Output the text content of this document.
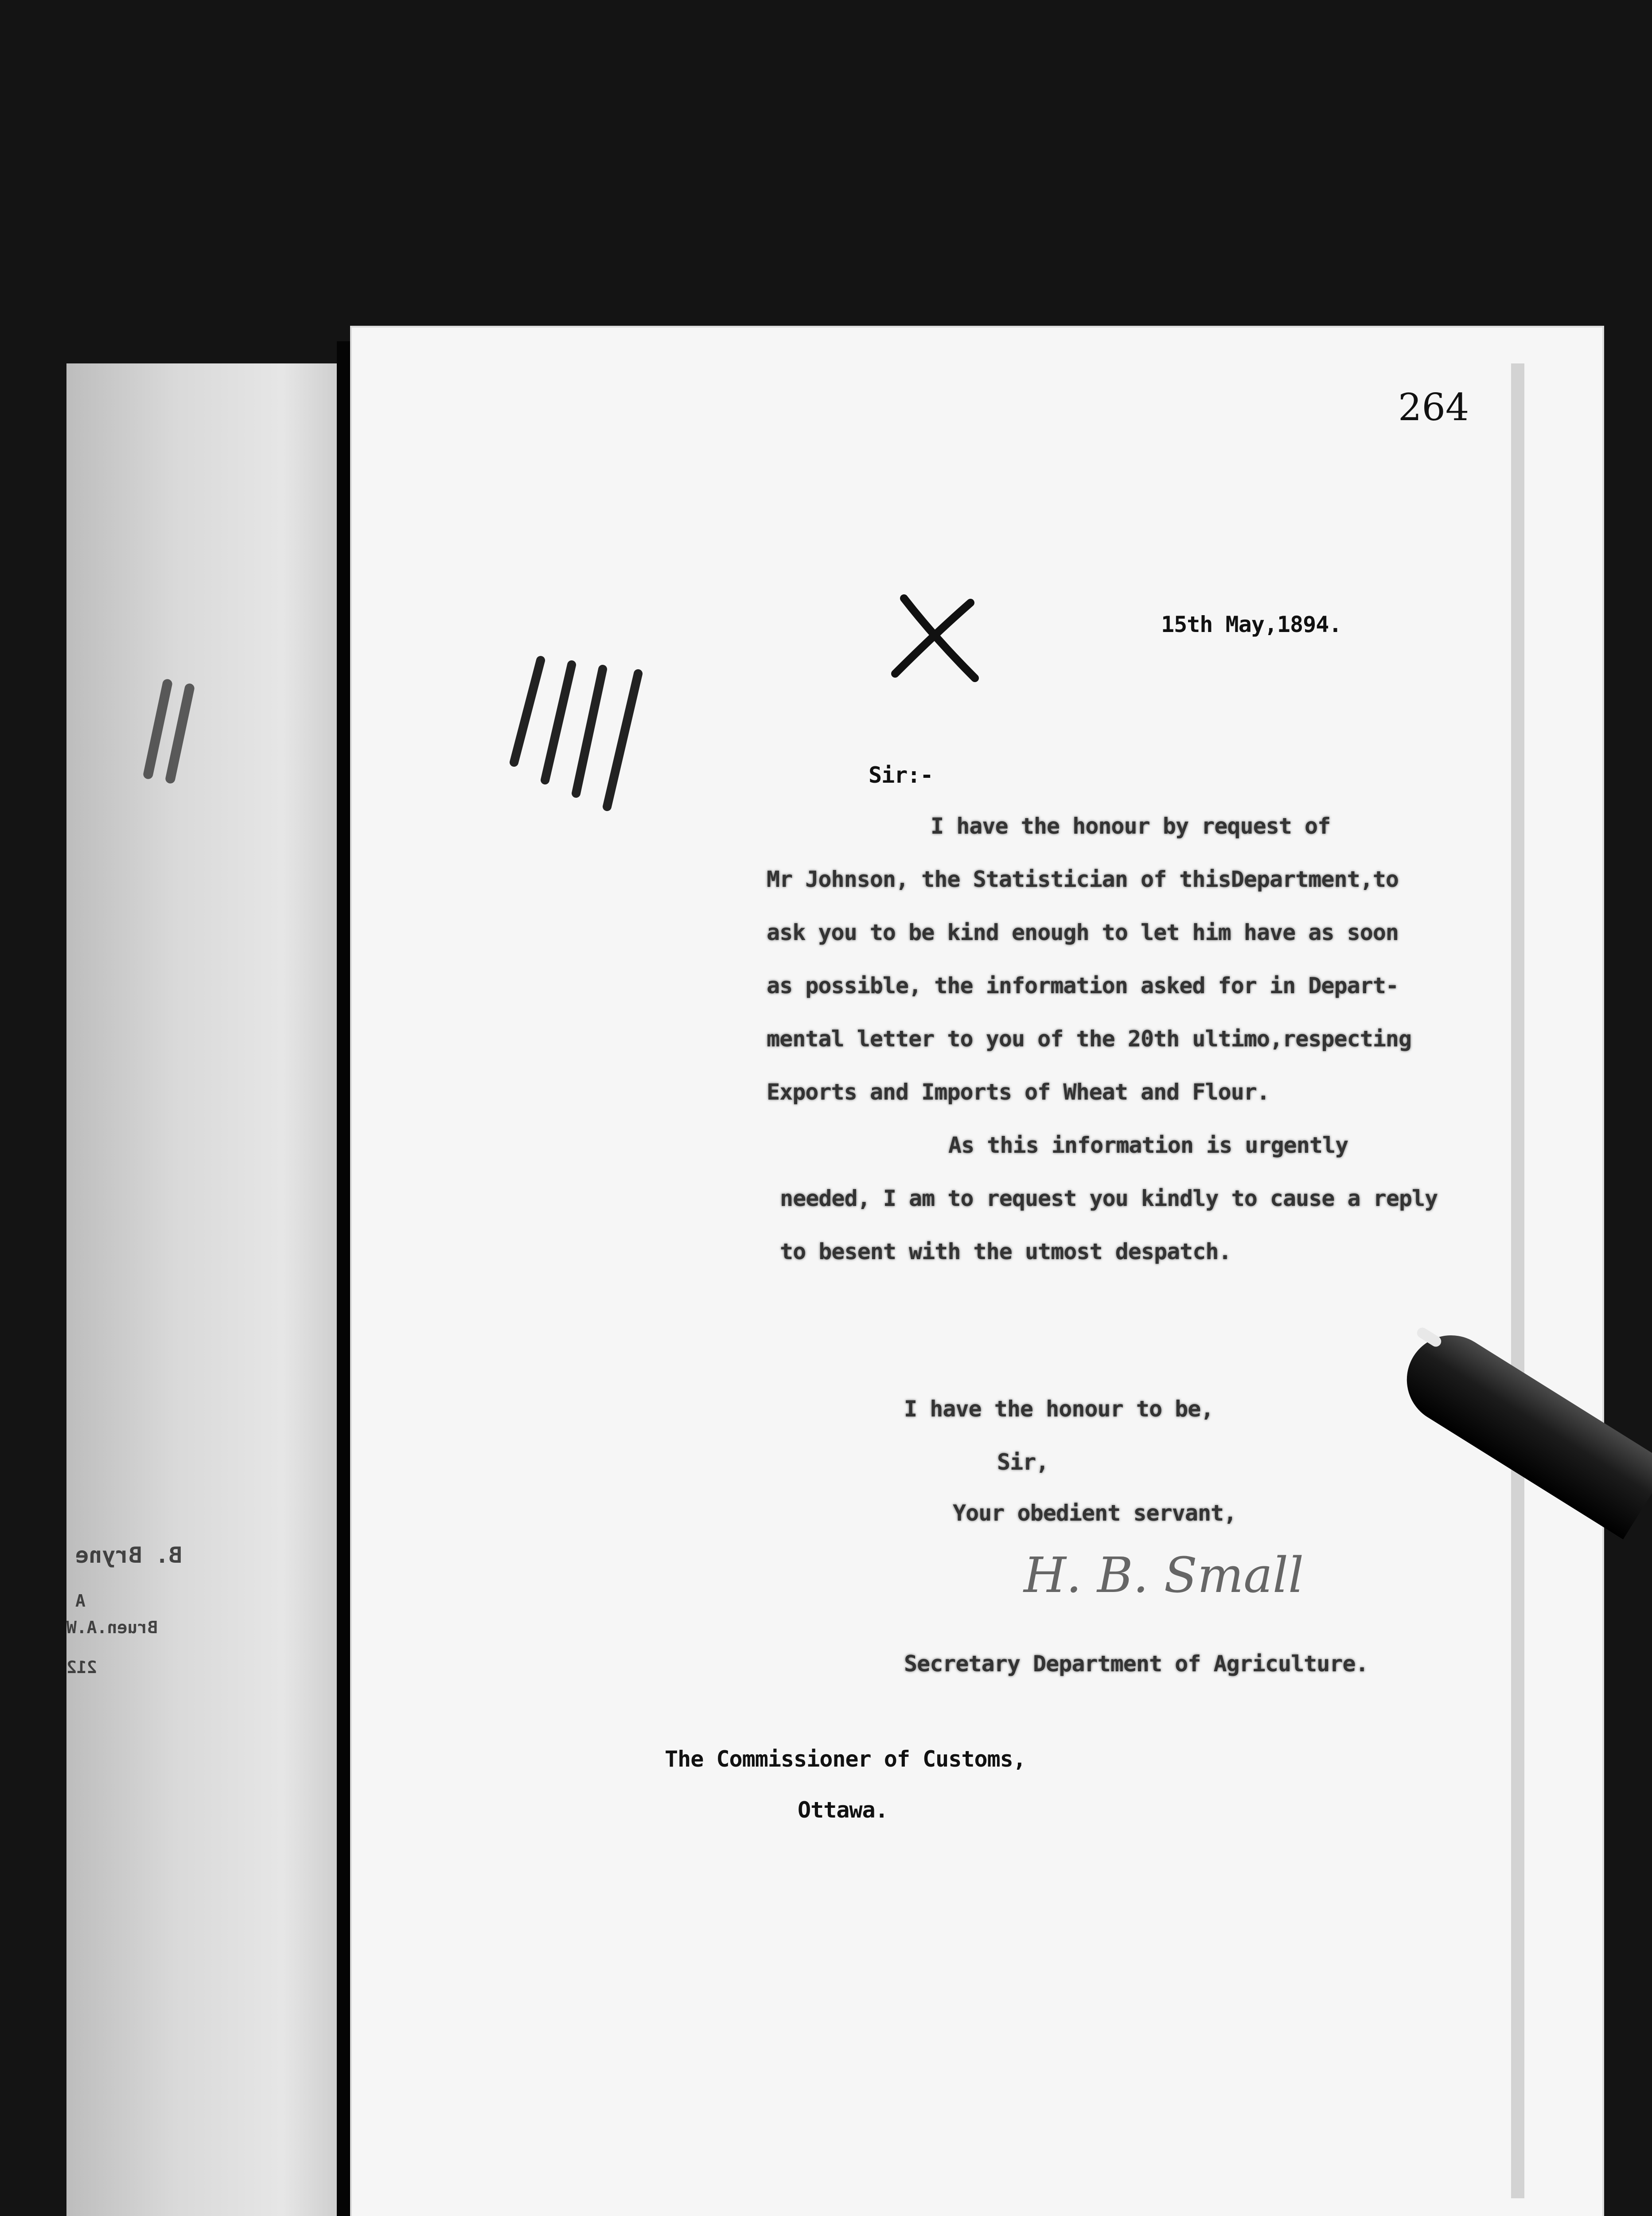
B. Bryne
A
Bruen.A.W
212
264
15th May,1894.
Sir:-
I have the honour by request of
Mr Johnson, the Statistician of thisDepartment,to
ask you to be kind enough to let him have as soon
as possible, the information asked for in Depart-
mental letter to you of the 20th ultimo,respecting
Exports and Imports of Wheat and Flour.
As this information is urgently
needed, I am to request you kindly to cause a reply
to besent with the utmost despatch.
I have the honour to be,
Sir,
Your obedient servant,
H. B. Small
Secretary Department of Agriculture.
The Commissioner of Customs,
Ottawa.
